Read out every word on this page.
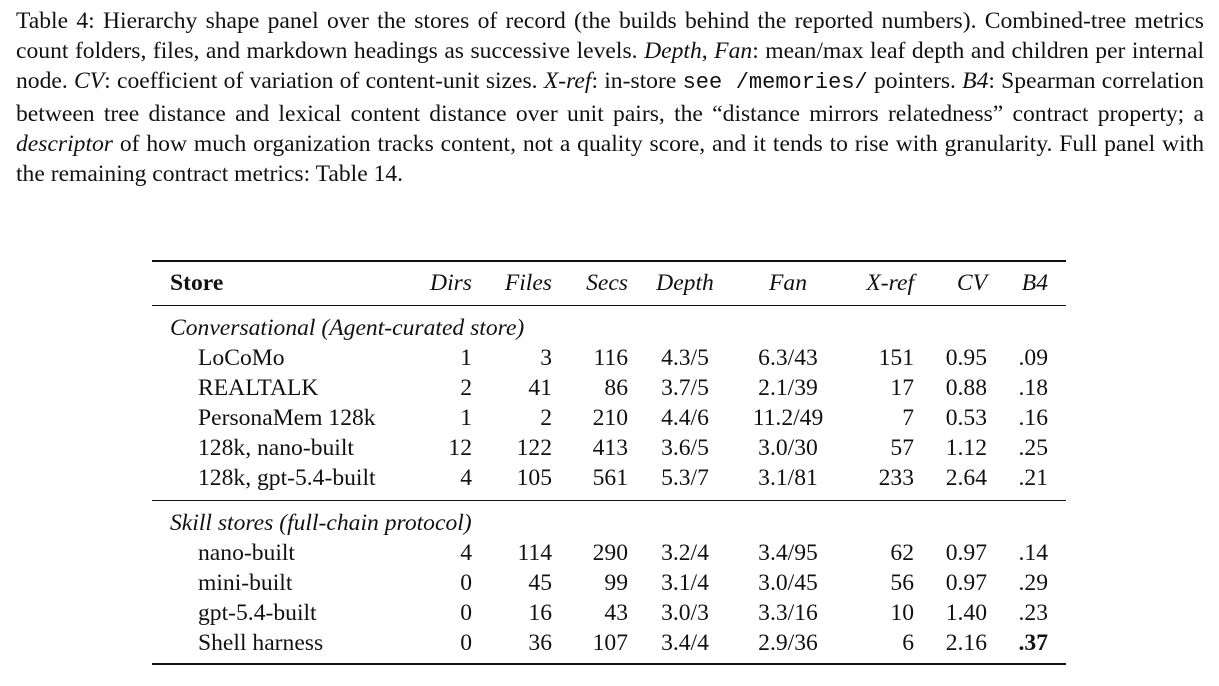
Table 4: Hierarchy shape panel over the stores of record (the builds behind the reported numbers). Combined-tree metrics count folders, files, and markdown headings as successive levels. Depth, Fan: mean/max leaf depth and children per internal node. CV: coefficient of variation of content-unit sizes. X-ref: in-store see /memories/ pointers. B4: Spearman correlation between tree distance and lexical content distance over unit pairs, the “distance mirrors relatedness” contract property; a descriptor of how much organization tracks content, not a quality score, and it tends to rise with granularity. Full panel with the remaining contract metrics: Table 14.

Store	Dirs	Files	Secs	Depth	Fan	X-ref	CV	B4
Conversational (Agent-curated store)
LoCoMo	1	3	116	4.3/5	6.3/43	151	0.95	.09
REALTALK	2	41	86	3.7/5	2.1/39	17	0.88	.18
PersonaMem 128k	1	2	210	4.4/6	11.2/49	7	0.53	.16
128k, nano-built	12	122	413	3.6/5	3.0/30	57	1.12	.25
128k, gpt-5.4-built	4	105	561	5.3/7	3.1/81	233	2.64	.21
Skill stores (full-chain protocol)
nano-built	4	114	290	3.2/4	3.4/95	62	0.97	.14
mini-built	0	45	99	3.1/4	3.0/45	56	0.97	.29
gpt-5.4-built	0	16	43	3.0/3	3.3/16	10	1.40	.23
Shell harness	0	36	107	3.4/4	2.9/36	6	2.16	.37
